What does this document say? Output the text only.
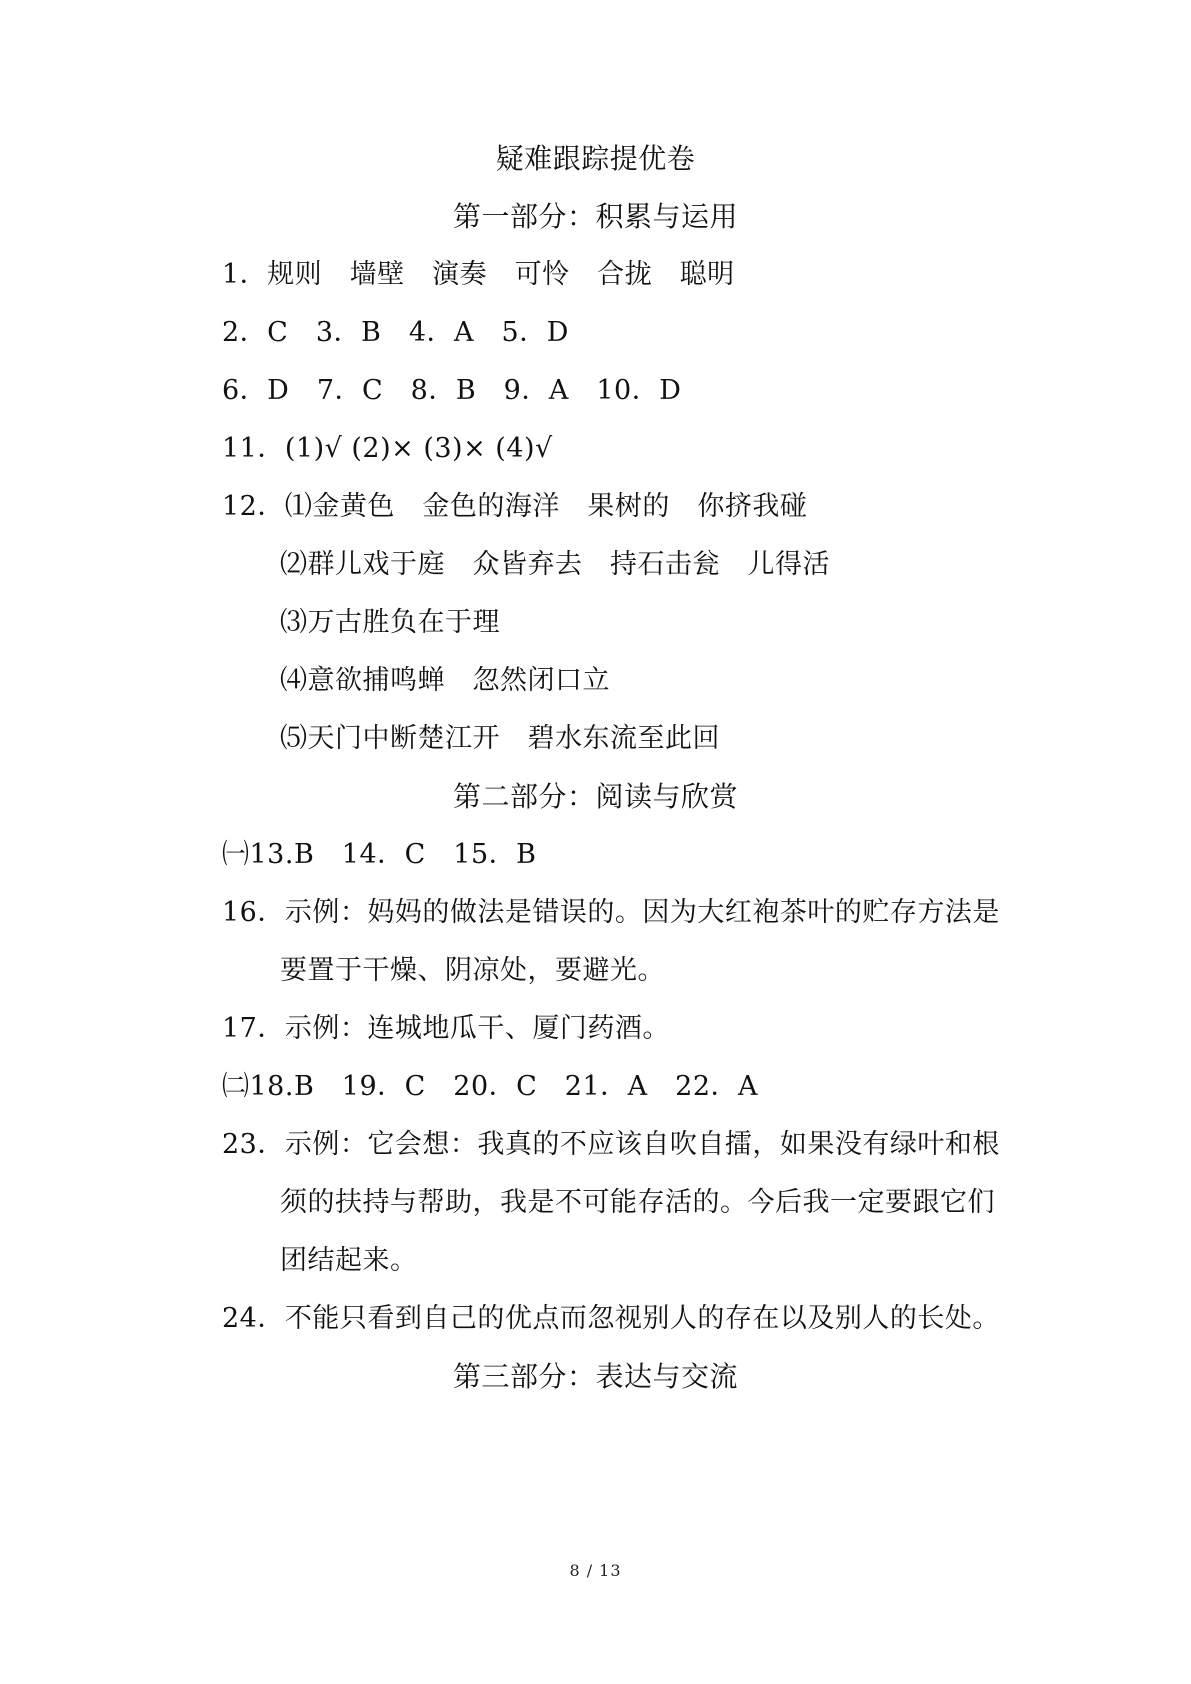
疑难跟踪提优卷
第一部分：积累与运用
1．规则　墙壁　演奏　可怜　合拢　聪明
2．C　3．B　4．A　5．D
6．D　7．C　8．B　9．A　10．D
11．(1)√ (2)× (3)× (4)√
12．⑴金黄色　金色的海洋　果树的　你挤我碰
⑵群儿戏于庭　众皆弃去　持石击瓮　儿得活
⑶万古胜负在于理
⑷意欲捕鸣蝉　忽然闭口立
⑸天门中断楚江开　碧水东流至此回
第二部分：阅读与欣赏
㈠13.B　14．C　15．B
16．示例：妈妈的做法是错误的。因为大红袍茶叶的贮存方法是
要置于干燥、阴凉处，要避光。
17．示例：连城地瓜干、厦门药酒。
㈡18.B　19．C　20．C　21．A　22．A
23．示例：它会想：我真的不应该自吹自擂，如果没有绿叶和根
须的扶持与帮助，我是不可能存活的。今后我一定要跟它们
团结起来。
24．不能只看到自己的优点而忽视别人的存在以及别人的长处。
第三部分：表达与交流
8 / 13
